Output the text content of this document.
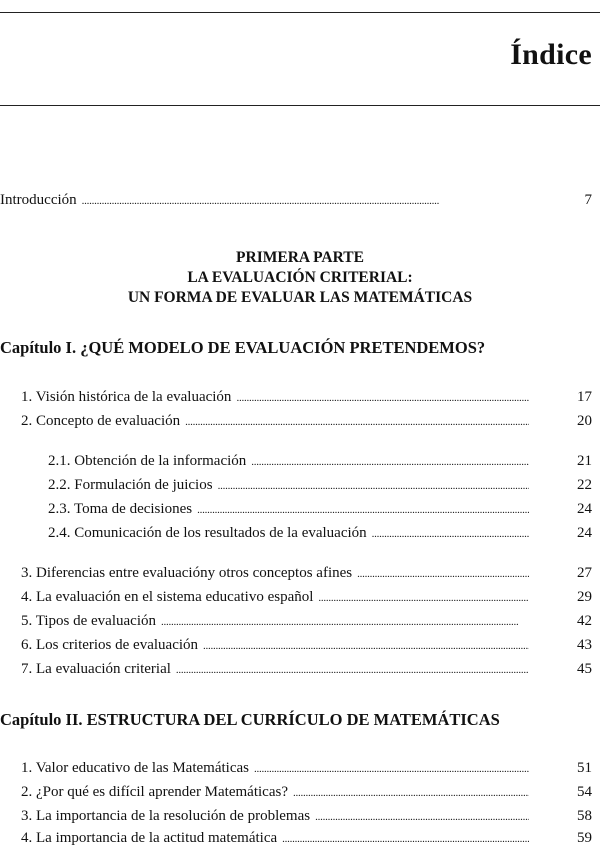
Índice
Introducción . . .	7
PRIMERA PARTE
LA EVALUACIÓN CRITERIAL:
UN FORMA DE EVALUAR LAS MATEMÁTICAS
Capítulo I. ¿QUÉ MODELO DE EVALUACIÓN PRETENDEMOS?
1. Visión histórica de la evaluación . . .	17
2. Concepto de evaluación . . .	20
2.1. Obtención de la información . . .	21
2.2. Formulación de juicios . . .	22
2.3. Toma de decisiones . . .	24
2.4. Comunicación de los resultados de la evaluación . . .	24
3. Diferencias entre evaluacióny otros conceptos afines . . .	27
4. La evaluación en el sistema educativo español . . .	29
5. Tipos de evaluación . . .	42
6. Los criterios de evaluación . . .	43
7. La evaluación criterial . . .	45
Capítulo II. ESTRUCTURA DEL CURRÍCULO DE MATEMÁTICAS
1. Valor educativo de las Matemáticas . . .	51
2. ¿Por qué es difícil aprender Matemáticas? . . .	54
3. La importancia de la resolución de problemas . . .	58
4. La importancia de la actitud matemática . . .	59
